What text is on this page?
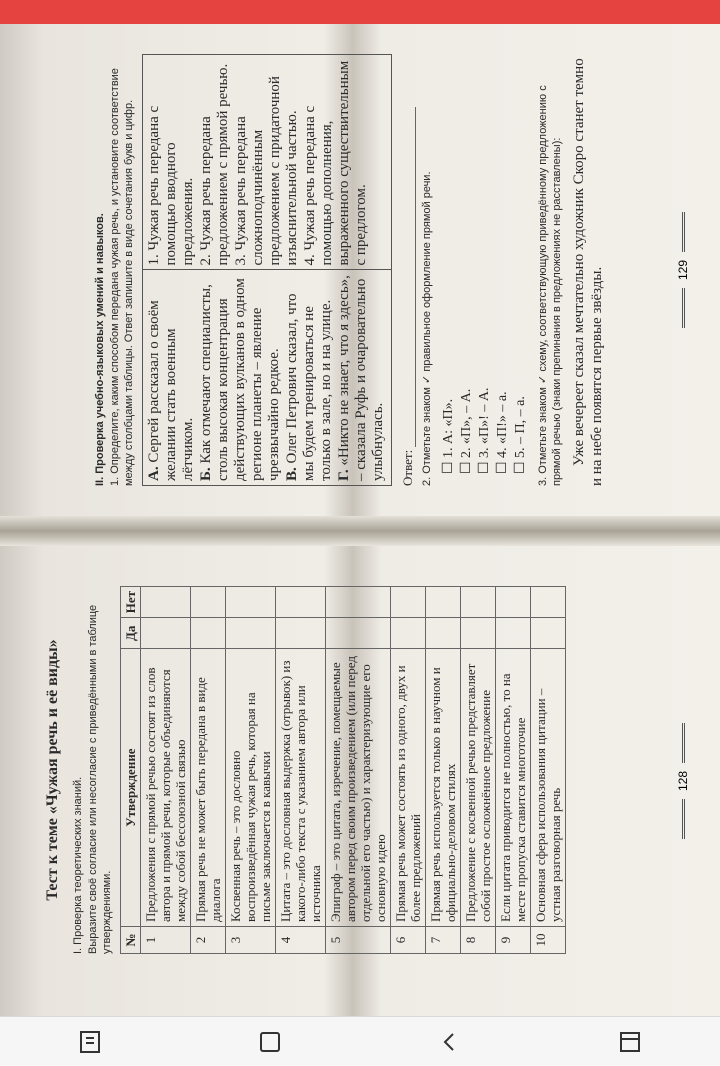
Тест к теме «Чужая речь и её виды» I. Проверка теоретических знаний. Выразите своё согласие или несогласие с приведёнными в таблице утверждениями. №	Утверждение	Да	Нет
1	Предложения с прямой речью состоят из слов автора и прямой речи, которые объединяются между собой бессоюзной связью		
2	Прямая речь не может быть передана в виде диалога		
3	Косвенная речь – это дословно воспроизведённая чужая речь, которая на письме заключается в кавычки		
4	Цитата – это дословная выдержка (отрывок) из какого-либо текста с указанием автора или источника		
5	Эпиграф – это цитата, изречение, помещаемые автором перед своим произведением (или перед отдельной его частью) и характеризующие его основную идею		
6	Прямая речь может состоять из одного, двух и более предложений		
7	Прямая речь используется только в научном и официально-деловом стилях		
8	Предложение с косвенной речью представляет собой простое осложнённое предложение		
9	Если цитата приводится не полностью, то на месте пропуска ставится многоточие		
10	Основная сфера использования цитации – устная разговорная речь		
II. Проверка учебно-языковых умений и навыков. 1. Определите, каким способом передана чужая речь, и установите соответствие между столбцами таблицы. Ответ запишите в виде сочетания букв и цифр. А. Сергей рассказал о своём желании стать военным лётчиком. Б. Как отмечают специалисты, столь высокая концентрация действующих вулканов в одном регионе планеты – явление чрезвычайно редкое. В. Олег Петрович сказал, что мы будем тренироваться не только в зале, но и на улице. Г. «Никто не знает, что я здесь», – сказала Руфь и очаровательно улыбнулась.

1. Чужая речь передана с помощью вводного предложения. 2. Чужая речь передана предложением с прямой речью. 3. Чужая речь передана сложноподчинённым предложением с придаточной изъяснительной частью. 4. Чужая речь передана с помощью дополнения, выраженного существительным с предлогом.
Ответ: 2. Отметьте знаком ✓ правильное оформление прямой речи. ☐ 1. А: «П». ☐ 2. «П», – А. ☐ 3. «П»! – А. ☐ 4. «П!» – а. ☐ 5. – П, – а. 3. Отметьте знаком ✓ схему, соответствующую приведённому предложению с прямой речью (знаки препинания в предложениях не расставлены): Уже вечереет сказал мечтательно художник Скоро станет темно и на небе появятся первые звёзды.
128
129
